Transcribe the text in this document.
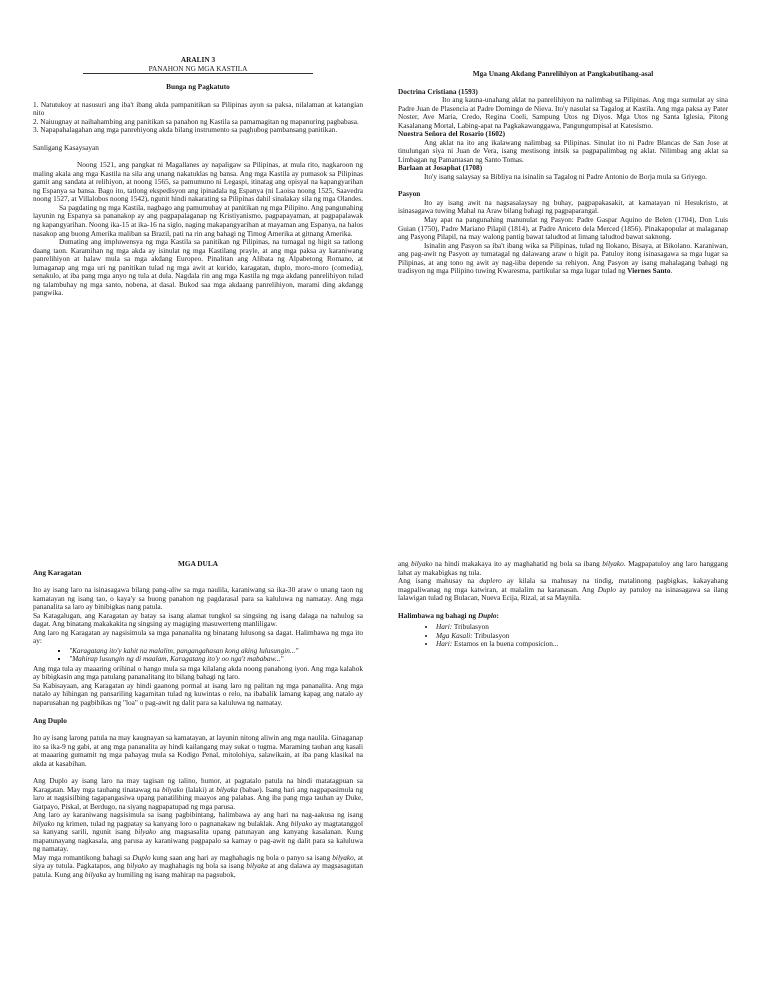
ARALIN 3

PANAHON NG MGA KASTILA

Bunga ng Pagkatuto

1. Natutukoy at nasusuri ang iba't ibang akda pampanitikan sa Pilipinas ayon sa paksa, nilalaman at katangian nito

2. Naiuugnay at naihahambing ang panitikan sa panahon ng Kastila sa pamamagitan ng mapanuring pagbabasa.

3. Napapahalagahan ang mga panrehiyong akda bilang instrumento sa paghubog pambansang panitikan.

Sanligang Kasaysayan

Noong 1521, ang pangkat ni Magallanes ay napaligaw sa Pilipinas, at mula rito, nagkaroon ng maling akala ang mga Kastila na sila ang unang nakatuklas ng bansa. Ang mga Kastila ay pumasok sa Pilipinas gamit ang sandata at relihiyon, at noong 1565, sa pamumuno ni Legaspi, itinatag ang opisyal na kapangyarihan ng Espanya sa bansa. Bago ito, tatlong ekspedisyon ang ipinadala ng Espanya (ni Laoisa noong 1525, Saavedra noong 1527, at Villalobos noong 1542), ngunit hindi nakarating sa Pilipinas dahil sinalakay sila ng mga Olandes.

Sa pagdating ng mga Kastila, nagbago ang pamumuhay at panitikan ng mga Pilipino. Ang pangunahing layunin ng Espanya sa pananakop ay ang pagpapalaganap ng Kristiyanismo, pagpapayaman, at pagpapalawak ng kapangyarihan. Noong ika-15 at ika-16 na siglo, naging makapangyarihan at mayaman ang Espanya, na halos nasakop ang buong Amerika maliban sa Brazil, pati na rin ang bahagi ng Timog Amerika at gitnang Amerika.

Dumating ang impluwensya ng mga Kastila sa panitikan ng Pilipinas, na tumagal ng higit sa tatlong daang taon. Karamihan ng mga akda ay isinulat ng mga Kastilang prayle, at ang mga paksa ay karaniwang panrelihiyon at halaw mula sa mga akdang Europeo. Pinalitan ang Alibata ng Alpabetong Romano, at lumaganap ang mga uri ng panitikan tulad ng mga awit at kurido, karagatan, duplo, moro-moro (comedia), senakulo, at iba pang mga anyo ng tula at dula. Nagdala rin ang mga Kastila ng mga akdang panrelihiyon tulad ng talambuhay ng mga santo, nobena, at dasal. Bukod saa mga akdaang panrelihiyon, marami ding akdangg pangwika.

Mga Unang Akdang Panrelihiyon at Pangkabutihang-asal

Doctrina Cristiana (1593)

Ito ang kauna-unahang aklat na panrelihiyon na nalimbag sa Pilipinas. Ang mga sumulat ay sina Padre Juan de Plasencia at Padre Domingo de Nieva. Ito'y nasulat sa Tagalog at Kastila. Ang mga paksa ay Pater Noster, Ave Maria, Credo, Regina Coeli, Sampung Utos ng Diyos. Mga Utos ng Santa Iglesia, Pitong Kasalanang Mortal, Labing-apat na Pagkakawanggawa, Pangungumpisal at Katesismo.

Nuestra Señora del Rosario (1602)

Ang aklat na ito ang ikalawang nalimbag sa Pilipinas. Sinulat ito ni Padre Blancas de San Jose at tinulungan siya ni Juan de Vera, isang mestisong intsik sa pagpapalimbag ng aklat. Nilimbag ang aklat sa Limbagan ng Pamantasan ng Santo Tomas.

Barlaan at Josaphat (1708)

Ito'y isang salaysay sa Bibliya na isinalin sa Tagalog ni Padre Antonio de Borja mula sa Griyego.

Pasyon

Ito ay isang awit na nagsasalaysay ng buhay, pagpapakasakit, at kamatayan ni Hesukristo, at isinasagawa tuwing Mahal na Araw bilang bahagi ng pagpaparangal.

May apat na pangunahing manunulat ng Pasyon: Padre Gaspar Aquino de Belen (1704), Don Luis Guian (1750), Padre Mariano Pilapil (1814), at Padre Aniceto dela Merced (1856). Pinakapopular at malaganap ang Pasyong Pilapil, na may walong pantig bawat taludtod at limang taludtod bawat saknong.

Isinalin ang Pasyon sa iba't ibang wika sa Pilipinas, tulad ng Ilokano, Bisaya, at Bikolano. Karaniwan, ang pag-awit ng Pasyon ay tumatagal ng dalawang araw o higit pa. Patuloy itong isinasagawa sa mga lugar sa Pilipinas, at ang tono ng awit ay nag-iiba depende sa rehiyon. Ang Pasyon ay isang mahalagang bahagi ng tradisyon ng mga Pilipino tuwing Kwaresma, partikular sa mga lugar tulad ng Viernes Santo.

MGA DULA

Ang Karagatan

Ito ay isang laro na isinasagawa bilang pang-aliw sa mga naulila, karaniwang sa ika-30 araw o unang taon ng kamatayan ng isang tao, o kaya'y sa buong panahon ng pagdarasal para sa kaluluwa ng namatay. Ang mga pananalita sa laro ay binibigkas nang patula.

Sa Katagalugan, ang Karagatan ay batay sa isang alamat tungkol sa singsing ng isang dalaga na nahulog sa dagat. Ang binatang makakakita ng singsing ay magiging masuwerteng manliligaw.

Ang laro ng Karagatan ay nagsisimula sa mga pananalita ng binatang lulusong sa dagat. Halimbawa ng mga ito ay:

▪ "Karagatang ito'y kahit na malalim, pangangahasan kong aking lulusungin..."
▪ "Mahirap lusungin ng di maalam, Karagatang ito'y oo nga't mababaw..."

Ang mga tula ay maaaring orihinal o hango mula sa mga kilalang akda noong panahong iyon. Ang mga kalahok ay bibigkasin ang mga patulang pananalitang ito bilang bahagi ng laro.

Sa Kabisayaan, ang Karagatan ay hindi gaanong pormal at isang laro ng palitan ng mga pananalita. Ang mga natalo ay hihingan ng pansariling kagamitan tulad ng kuwintas o relo, na ibabalik lamang kapag ang natalo ay naparusahan ng pagbibikas ng "loa" o pag-awit ng dalit para sa kaluluwa ng namatay.

Ang Duplo

Ito ay isang larong patula na may kaugnayan sa kamatayan, at layunin nitong aliwin ang mga naulila. Ginaganap ito sa ika-9 ng gabi, at ang mga pananalita ay hindi kailangang may sukat o tugma. Maraming tauhan ang kasali at maaaring gumamit ng mga pahayag mula sa Kodigo Penal, mitolohiya, salawikain, at iba pang klasikal na akda at kasabihan.

Ang Duplo ay isang laro na may tagisan ng talino, humor, at pagtatalo patula na hindi matatagpuan sa Karagatan. May mga tauhang tinatawag na bilyako (lalaki) at bilyaka (babae). Isang hari ang nagpapasimula ng laro at nagsisilbing tagapangasiwa upang panatilihing maayos ang palabas. Ang iba pang mga tauhan ay Duke, Gatpayo, Piskal, at Berdugo, na siyang nagpapatupad ng mga parusa.

Ang laro ay karaniwang nagsisimula sa isang pagbibintang, halimbawa ay ang hari na nag-aakusa ng isang bilyako ng krimen, tulad ng pagpatay sa kanyang loro o pagnanakaw ng bulaklak. Ang bilyako ay magtatanggol sa kanyang sarili, ngunit isang bilyako ang magsasalita upang patunayan ang kanyang kasalanan. Kung mapatunayang nagkasala, ang parusa ay karaniwang pagpapalo sa kamay o pag-awit ng dalit para sa kaluluwa ng namatay.

May mga romantikong bahagi sa Duplo kung saan ang hari ay maghahagis ng bola o panyo sa isang bilyako, at siya ay tutula. Pagkatapos, ang bilyako ay maghahagis ng bola sa isang bilyaka at ang dalawa ay magsasagutan patula. Kung ang bilyaka ay humiling ng isang mahirap na pagsubok,

ang bilyako na hindi makakaya ito ay maghahatid ng bola sa ibang bilyako. Magpapatuloy ang laro hanggang lahat ay makabigkas ng tula.

Ang isang mahusay na duplero ay kilala sa mahusay na tindig, matalinong pagbigkas, kakayahang magpaliwanag ng mga katwiran, at malalim na karanasan. Ang Duplo ay patuloy na isinasagawa sa ilang lalawigan tulad ng Bulacan, Nueva Ecija, Rizal, at sa Maynila.

Halimbawa ng bahagi ng Duplo:

• Hari: Tribulasyon
• Mga Kasali: Tribulasyon
• Hari: Estamos en la buena composicion...
